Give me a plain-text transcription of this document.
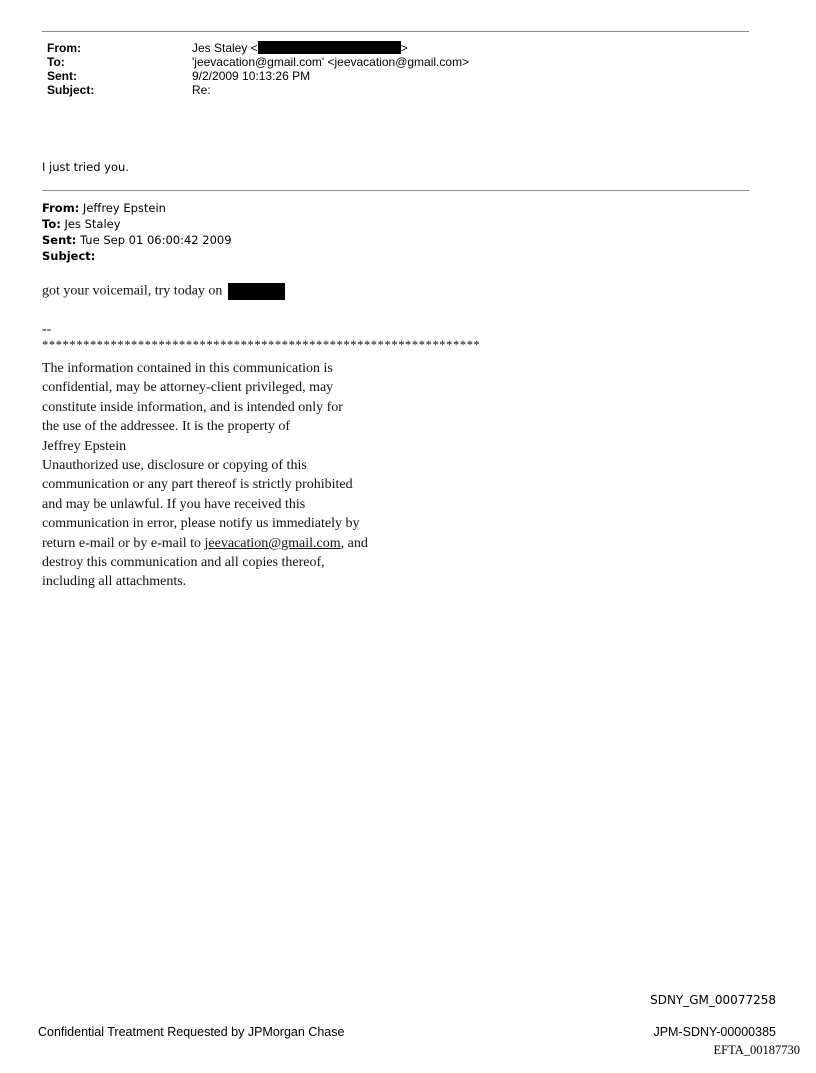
From:	Jes Staley <	>
To:	'jeevacation@gmail.com' <jeevacation@gmail.com>
Sent:	9/2/2009 10:13:26 PM
Subject:	Re:
I just tried you.
From: Jeffrey Epstein
To: Jes Staley
Sent: Tue Sep 01 06:00:42 2009
Subject:
got your voicemail, try today on
--
****************************************************************
The information contained in this communication is
confidential, may be attorney-client privileged, may
constitute inside information, and is intended only for
the use of the addressee. It is the property of
Jeffrey Epstein
Unauthorized use, disclosure or copying of this
communication or any part thereof is strictly prohibited
and may be unlawful. If you have received this
communication in error, please notify us immediately by
return e-mail or by e-mail to jeevacation@gmail.com, and
destroy this communication and all copies thereof,
including all attachments.
SDNY_GM_00077258
Confidential Treatment Requested by JPMorgan Chase	JPM-SDNY-00000385
EFTA_00187730
